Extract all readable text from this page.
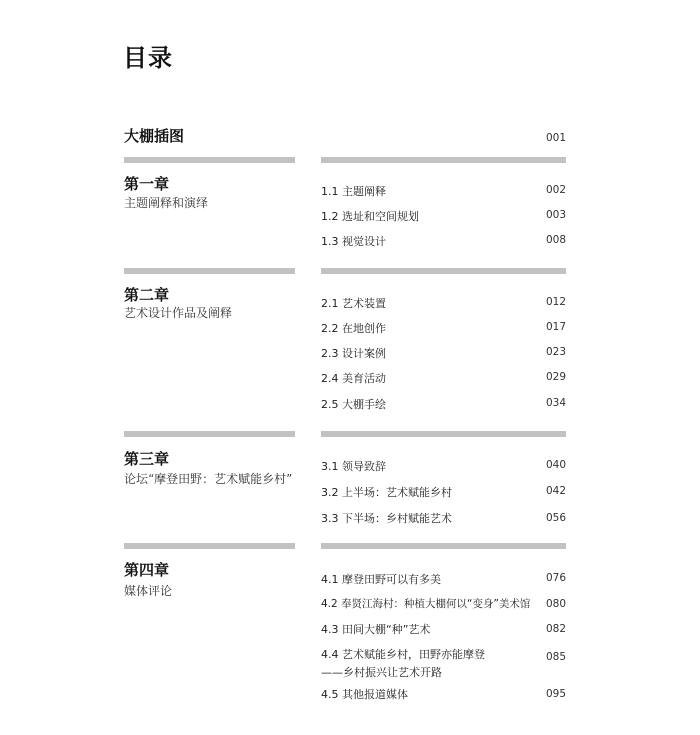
目录
大棚插图	001
第一章
主题阐释和演绎
1.1 主题阐释	002
1.2 选址和空间规划	003
1.3 视觉设计	008
第二章
艺术设计作品及阐释
2.1 艺术装置	012
2.2 在地创作	017
2.3 设计案例	023
2.4 美育活动	029
2.5 大棚手绘	034
第三章
论坛“摩登田野：艺术赋能乡村”
3.1 领导致辞	040
3.2 上半场：艺术赋能乡村	042
3.3 下半场：乡村赋能艺术	056
第四章
媒体评论
4.1 摩登田野可以有多美	076
4.2 奉贤江海村：种植大棚何以“变身”美术馆	080
4.3 田间大棚“种”艺术	082
4.4 艺术赋能乡村，田野亦能摩登
——乡村振兴让艺术开路
085
4.5 其他报道媒体	095
